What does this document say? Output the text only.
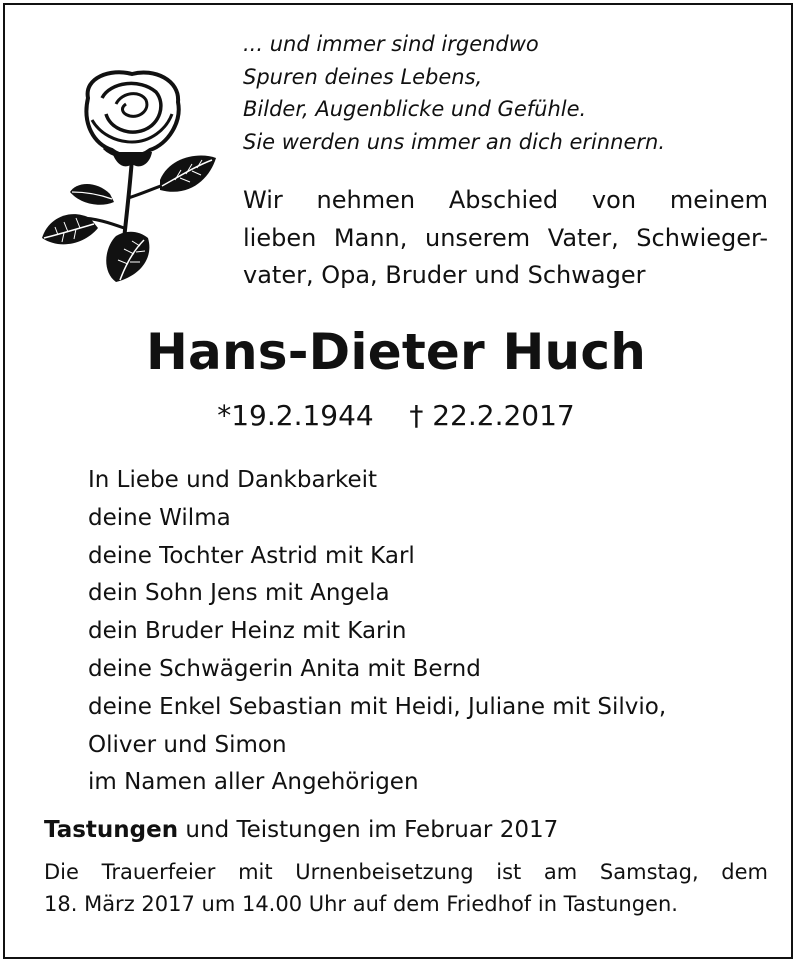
... und immer sind irgendwo
Spuren deines Lebens,
Bilder, Augenblicke und Gefühle.
Sie werden uns immer an dich erinnern.
Wir nehmen Abschied von meinem
lieben Mann, unserem Vater, Schwieger-
vater, Opa, Bruder und Schwager
Hans-Dieter Huch
*19.2.1944    † 22.2.2017
In Liebe und Dankbarkeit
deine Wilma
deine Tochter Astrid mit Karl
dein Sohn Jens mit Angela
dein Bruder Heinz mit Karin
deine Schwägerin Anita mit Bernd
deine Enkel Sebastian mit Heidi, Juliane mit Silvio,
Oliver und Simon
im Namen aller Angehörigen
Tastungen und Teistungen im Februar 2017
Die Trauerfeier mit Urnenbeisetzung ist am Samstag, dem
18. März 2017 um 14.00 Uhr auf dem Friedhof in Tastungen.
